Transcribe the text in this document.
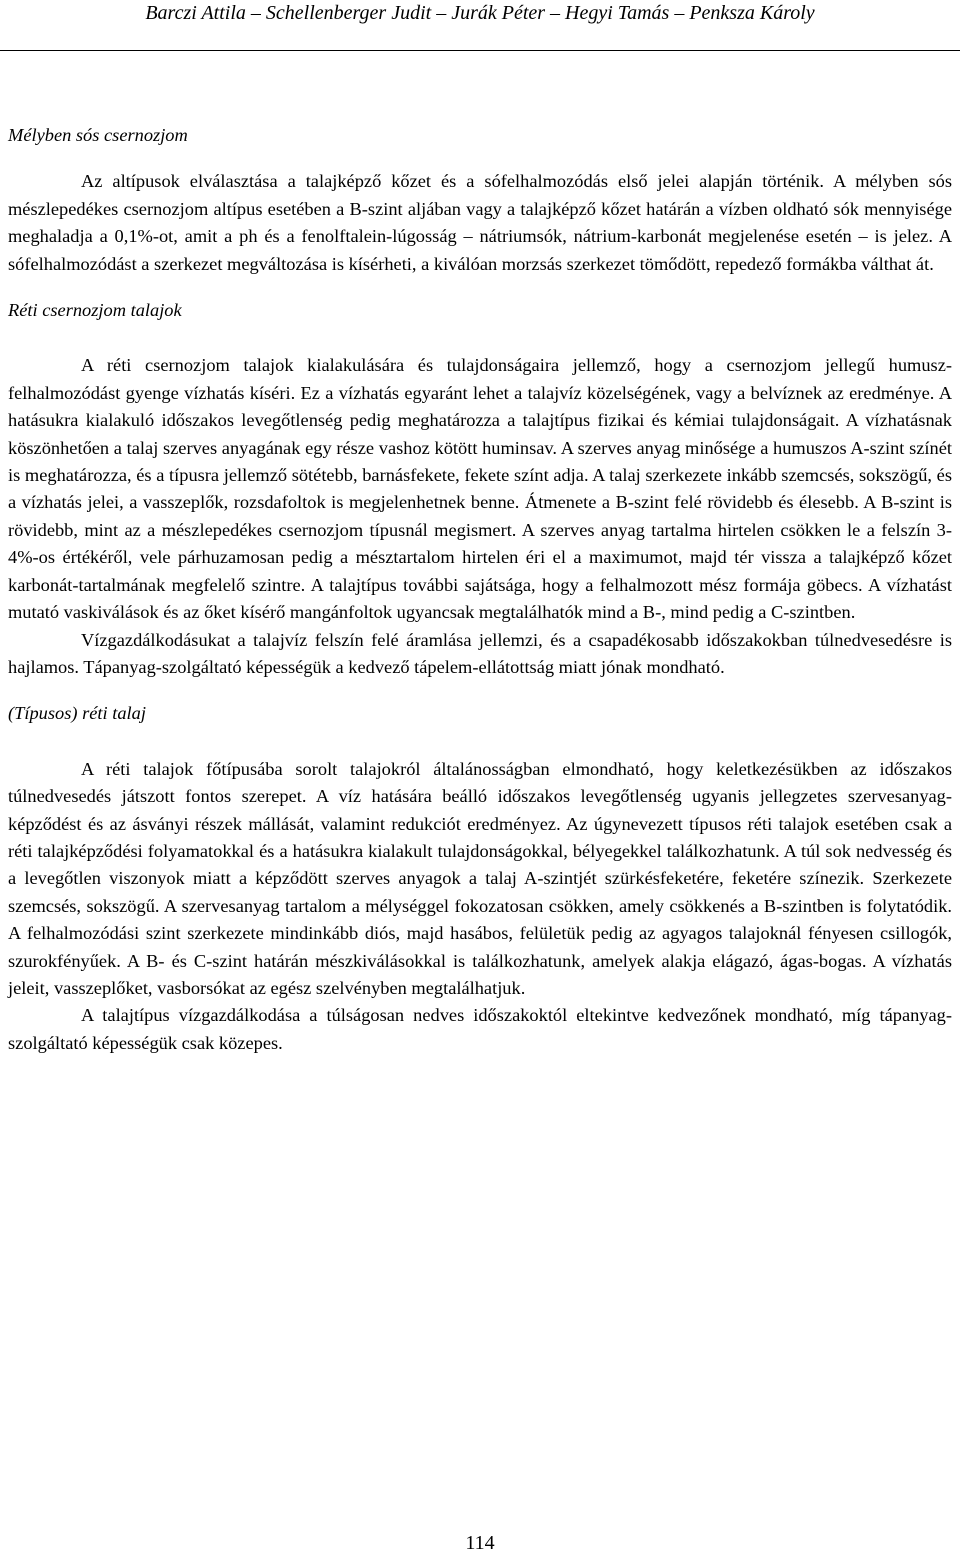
Barczi Attila – Schellenberger Judit – Jurák Péter – Hegyi Tamás – Penksza Károly

Mélyben sós csernozjom

Az altípusok elválasztása a talajképző kőzet és a sófelhalmozódás első jelei alapján történik. A mélyben sós mészlepedékes csernozjom altípus esetében a B-szint aljában vagy a talajképző kőzet határán a vízben oldható sók mennyisége meghaladja a 0,1%-ot, amit a ph és a fenolftalein-lúgosság – nátriumsók, nátrium-karbonát megjelenése esetén – is jelez. A sófelhalmozódást a szerkezet megváltozása is kísérheti, a kiválóan morzsás szerkezet tömődött, repedező formákba válthat át.

Réti csernozjom talajok

A réti csernozjom talajok kialakulására és tulajdonságaira jellemző, hogy a csernozjom jellegű humusz-felhalmozódást gyenge vízhatás kíséri. Ez a vízhatás egyaránt lehet a talajvíz közelségének, vagy a belvíznek az eredménye. A hatásukra kialakuló időszakos levegőtlenség pedig meghatározza a talajtípus fizikai és kémiai tulajdonságait. A vízhatásnak köszönhetően a talaj szerves anyagának egy része vashoz kötött huminsav. A szerves anyag minősége a humuszos A-szint színét is meghatározza, és a típusra jellemző sötétebb, barnásfekete, fekete színt adja. A talaj szerkezete inkább szemcsés, sokszögű, és a vízhatás jelei, a vasszeplők, rozsdafoltok is megjelenhetnek benne. Átmenete a B-szint felé rövidebb és élesebb. A B-szint is rövidebb, mint az a mészlepedékes csernozjom típusnál megismert. A szerves anyag tartalma hirtelen csökken le a felszín 3-4%-os értékéről, vele párhuzamosan pedig a mésztartalom hirtelen éri el a maximumot, majd tér vissza a talajképző kőzet karbonát-tartalmának megfelelő szintre. A talajtípus további sajátsága, hogy a felhalmozott mész formája göbecs. A vízhatást mutató vaskiválások és az őket kísérő mangánfoltok ugyancsak megtalálhatók mind a B-, mind pedig a C-szintben.

Vízgazdálkodásukat a talajvíz felszín felé áramlása jellemzi, és a csapadékosabb időszakokban túlnedvesedésre is hajlamos. Tápanyag-szolgáltató képességük a kedvező tápelem-ellátottság miatt jónak mondható.

(Típusos) réti talaj

A réti talajok főtípusába sorolt talajokról általánosságban elmondható, hogy keletkezésükben az időszakos túlnedvesedés játszott fontos szerepet. A víz hatására beálló időszakos levegőtlenség ugyanis jellegzetes szervesanyag-képződést és az ásványi részek mállását, valamint redukciót eredményez. Az úgynevezett típusos réti talajok esetében csak a réti talajképződési folyamatokkal és a hatásukra kialakult tulajdonságokkal, bélyegekkel találkozhatunk. A túl sok nedvesség és a levegőtlen viszonyok miatt a képződött szerves anyagok a talaj A-szintjét szürkésfeketére, feketére színezik. Szerkezete szemcsés, sokszögű. A szervesanyag tartalom a mélységgel fokozatosan csökken, amely csökkenés a B-szintben is folytatódik. A felhalmozódási szint szerkezete mindinkább diós, majd hasábos, felületük pedig az agyagos talajoknál fényesen csillogók, szurokfényűek. A B- és C-szint határán mészkiválásokkal is találkozhatunk, amelyek alakja elágazó, ágas-bogas. A vízhatás jeleit, vasszeplőket, vasborsókat az egész szelvényben megtalálhatjuk.

A talajtípus vízgazdálkodása a túlságosan nedves időszakoktól eltekintve kedvezőnek mondható, míg tápanyag-szolgáltató képességük csak közepes.

114
